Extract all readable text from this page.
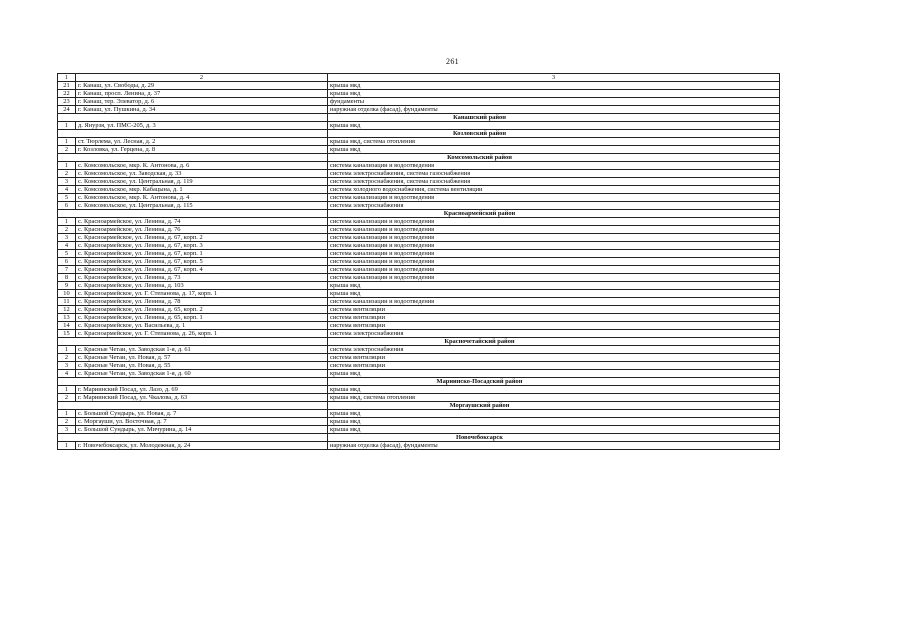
261
1	2	3
21	г. Канаш, ул. Свободы, д. 29	крыша мкд
22	г. Канаш, просп. Ленина, д. 37	крыша мкд
23	г. Канаш, тер. Элеватор, д. 6	фундаменты
24	г. Канаш, ул. Пушкина, д. 34	наружная отделка (фасад), фундаменты
		Канашский район
1	д. Янурзя, ул. ПМС-205, д. 3	крыша мкд
		Козловский район
1	ст. Тюрлема, ул. Лесная, д. 2	крыша мкд, система отопления
2	г. Козловка, ул. Герцена, д. 8	крыша мкд
		Комсомольский район
1	с. Комсомольское, мкр. К. Антонова, д. 6	система канализации и водоотведения
2	с. Комсомольское, ул. Заводская, д. 33	система электроснабжения, система газоснабжения
3	с. Комсомольское, ул. Центральная, д. 119	система электроснабжения, система газоснабжения
4	с. Комсомольское, мкр. Кабацына, д. 1	система холодного водоснабжения, система вентиляции
5	с. Комсомольское, мкр. К. Антонова, д. 4	система канализации и водоотведения
6	с. Комсомольское, ул. Центральная, д. 115	система электроснабжения
		Красноармейский район
1	с. Красноармейское, ул. Ленина, д. 74	система канализации и водоотведения
2	с. Красноармейское, ул. Ленина, д. 76	система канализации и водоотведения
3	с. Красноармейское, ул. Ленина, д. 67, корп. 2	система канализации и водоотведения
4	с. Красноармейское, ул. Ленина, д. 67, корп. 3	система канализации и водоотведения
5	с. Красноармейское, ул. Ленина, д. 67, корп. 1	система канализации и водоотведения
6	с. Красноармейское, ул. Ленина, д. 67, корп. 5	система канализации и водоотведения
7	с. Красноармейское, ул. Ленина, д. 67, корп. 4	система канализации и водоотведения
8	с. Красноармейское, ул. Ленина, д. 73	система канализации и водоотведения
9	с. Красноармейское, ул. Ленина, д. 103	крыша мкд
10	с. Красноармейское, ул. Г. Степанова, д. 17, корп. 1	крыша мкд
11	с. Красноармейское, ул. Ленина, д. 78	система канализации и водоотведения
12	с. Красноармейское, ул. Ленина, д. 65, корп. 2	система вентиляции
13	с. Красноармейское, ул. Ленина, д. 65, корп. 1	система вентиляции
14	с. Красноармейское, ул. Васильева, д. 1	система вентиляции
15	с. Красноармейское, ул. Г. Степанова, д. 26, корп. 1	система электроснабжения
		Красночетайский район
1	с. Красные Четаи, ул. Заводская 1-я, д. 61	система электроснабжения
2	с. Красные Четаи, ул. Новая, д. 57	система вентиляции
3	с. Красные Четаи, ул. Новая, д. 55	система вентиляции
4	с. Красные Четаи, ул. Заводская 1-я, д. 60	крыша мкд
		Мариинско-Посадский район
1	г. Мариинский Посад, ул. Лазо, д. 69	крыша мкд
2	г. Мариинский Посад, ул. Чкалова, д. 63	крыша мкд, система отопления
		Моргаушский район
1	с. Большой Сундырь, ул. Новая, д. 7	крыша мкд
2	с. Моргауши, ул. Восточная, д. 7	крыша мкд
3	с. Большой Сундырь, ул. Мичурина, д. 14	крыша мкд
		Новочебоксарск
1	г. Новочебоксарск, ул. Молодежная, д. 24	наружная отделка (фасад), фундаменты
